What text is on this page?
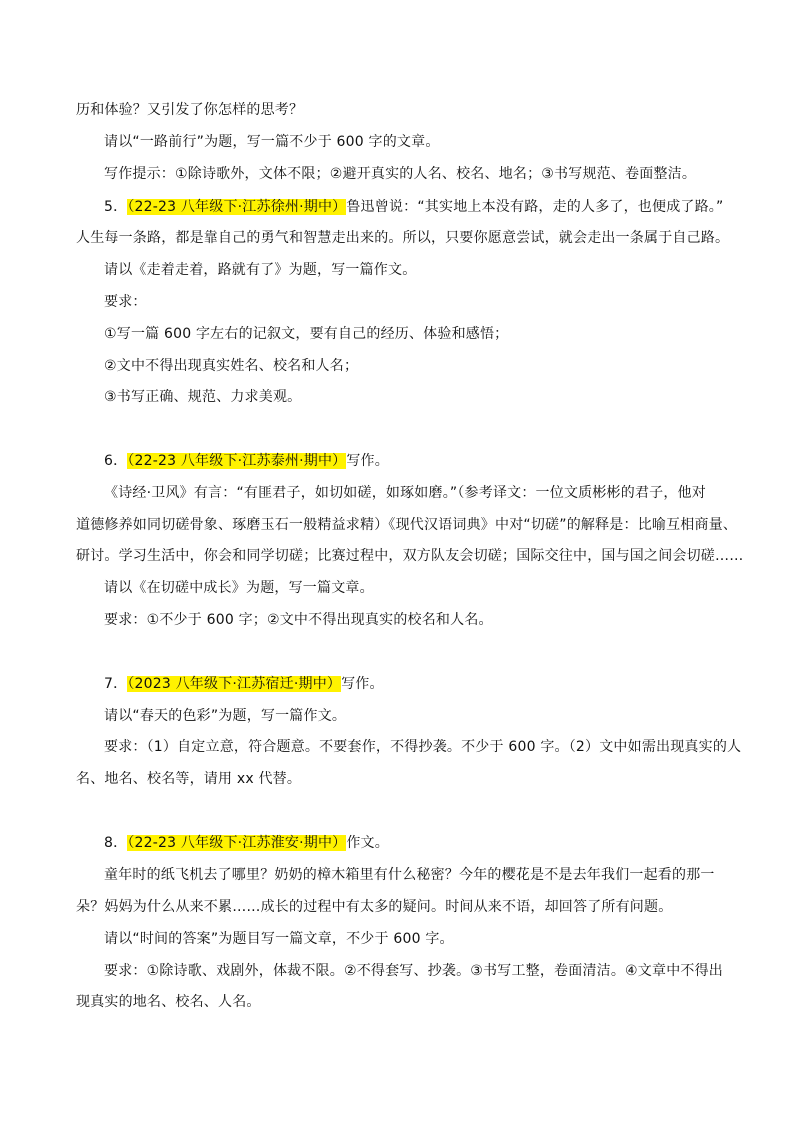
历和体验？又引发了你怎样的思考？
请以“一路前行”为题，写一篇不少于 600 字的文章。
写作提示：①除诗歌外，文体不限；②避开真实的人名、校名、地名；③书写规范、卷面整洁。
5．（22-23 八年级下·江苏徐州·期中）鲁迅曾说：“其实地上本没有路，走的人多了，也便成了路。”
人生每一条路，都是靠自己的勇气和智慧走出来的。所以，只要你愿意尝试，就会走出一条属于自己路。
请以《走着走着，路就有了》为题，写一篇作文。
要求：
①写一篇 600 字左右的记叙文，要有自己的经历、体验和感悟；
②文中不得出现真实姓名、校名和人名；
③书写正确、规范、力求美观。
6．（22-23 八年级下·江苏泰州·期中）写作。
《诗经·卫风》有言：“有匪君子，如切如磋，如琢如磨。”（参考译文：一位文质彬彬的君子，他对
道德修养如同切磋骨象、琢磨玉石一般精益求精）《现代汉语词典》中对“切磋”的解释是：比喻互相商量、
研讨。学习生活中，你会和同学切磋；比赛过程中，双方队友会切磋；国际交往中，国与国之间会切磋……
请以《在切磋中成长》为题，写一篇文章。
要求：①不少于 600 字；②文中不得出现真实的校名和人名。
7．（2023 八年级下·江苏宿迁·期中）写作。
请以“春天的色彩”为题，写一篇作文。
要求：（1）自定立意，符合题意。不要套作，不得抄袭。不少于 600 字。（2）文中如需出现真实的人
名、地名、校名等，请用 xx 代替。
8．（22-23 八年级下·江苏淮安·期中）作文。
童年时的纸飞机去了哪里？奶奶的樟木箱里有什么秘密？今年的樱花是不是去年我们一起看的那一
朵？妈妈为什么从来不累……成长的过程中有太多的疑问。时间从来不语，却回答了所有问题。
请以“时间的答案”为题目写一篇文章，不少于 600 字。
要求：①除诗歌、戏剧外，体裁不限。②不得套写、抄袭。③书写工整，卷面清洁。④文章中不得出
现真实的地名、校名、人名。
